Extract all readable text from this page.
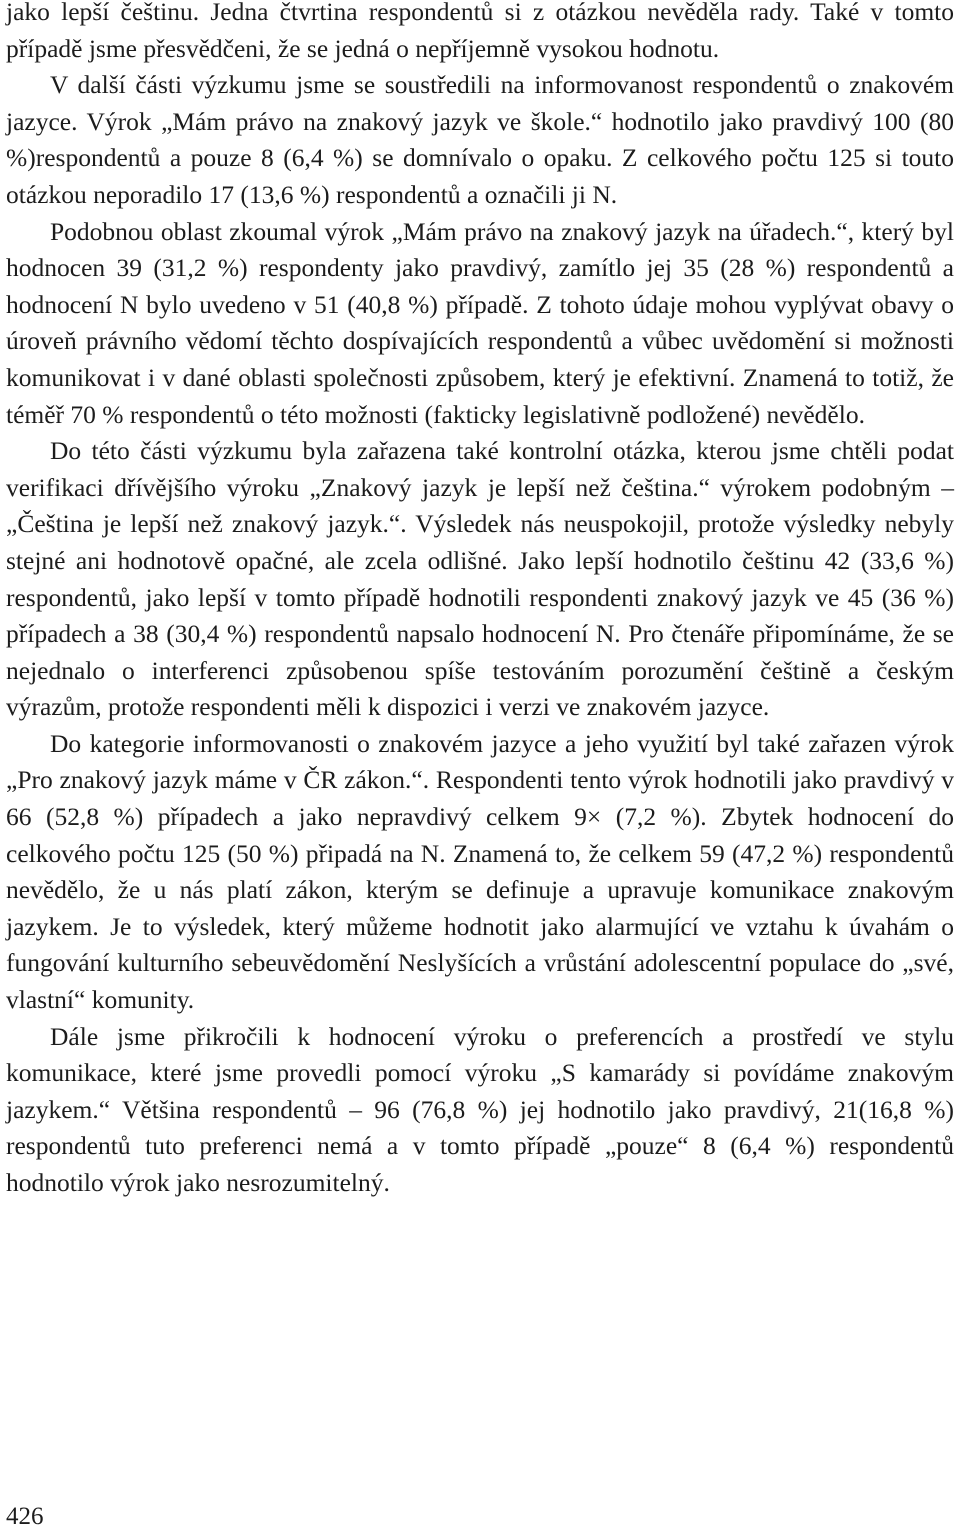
jako lepší češtinu. Jedna čtvrtina respondentů si z otázkou nevěděla rady. Také v tomto případě jsme přesvědčeni, že se jedná o nepříjemně vysokou hodnotu.

V další části výzkumu jsme se soustředili na informovanost respondentů o znakovém jazyce. Výrok „Mám právo na znakový jazyk ve škole.“ hodnotilo jako pravdivý 100 (80 %)respondentů a pouze 8 (6,4 %) se domnívalo o opaku. Z celkového počtu 125 si touto otázkou neporadilo 17 (13,6 %) respondentů a označili ji N.

Podobnou oblast zkoumal výrok „Mám právo na znakový jazyk na úřadech.“, který byl hodnocen 39 (31,2 %) respondenty jako pravdivý, zamítlo jej 35 (28 %) respondentů a hodnocení N bylo uvedeno v 51 (40,8 %) případě. Z tohoto údaje mohou vyplývat obavy o úroveň právního vědomí těchto dospívajících respondentů a vůbec uvědomění si možnosti komunikovat i v dané oblasti společnosti způsobem, který je efektivní. Znamená to totiž, že téměř 70 % respondentů o této možnosti (fakticky legislativně podložené) nevědělo.

Do této části výzkumu byla zařazena také kontrolní otázka, kterou jsme chtěli podat verifikaci dřívějšího výroku „Znakový jazyk je lepší než čeština.“ výrokem podobným – „Čeština je lepší než znakový jazyk.“. Výsledek nás neuspokojil, protože výsledky nebyly stejné ani hodnotově opačné, ale zcela odlišné. Jako lepší hodnotilo češtinu 42 (33,6 %) respondentů, jako lepší v tomto případě hodnotili respondenti znakový jazyk ve 45 (36 %) případech a 38 (30,4 %) respondentů napsalo hodnocení N. Pro čtenáře připomínáme, že se nejednalo o interferenci způsobenou spíše testováním porozumění češtině a českým výrazům, protože respondenti měli k dispozici i verzi ve znakovém jazyce.

Do kategorie informovanosti o znakovém jazyce a jeho využití byl také zařazen výrok „Pro znakový jazyk máme v ČR zákon.“. Respondenti tento výrok hodnotili jako pravdivý v 66 (52,8 %) případech a jako nepravdivý celkem 9× (7,2 %). Zbytek hodnocení do celkového počtu 125 (50 %) připadá na N. Znamená to, že celkem 59 (47,2 %) respondentů nevědělo, že u nás platí zákon, kterým se definuje a upravuje komunikace znakovým jazykem. Je to výsledek, který můžeme hodnotit jako alarmující ve vztahu k úvahám o fungování kulturního sebeuvědomění Neslyšících a vrůstání adolescentní populace do „své, vlastní“ komunity.

Dále jsme přikročili k hodnocení výroku o preferencích a prostředí ve stylu komunikace, které jsme provedli pomocí výroku „S kamarády si povídáme znakovým jazykem.“ Většina respondentů – 96 (76,8 %) jej hodnotilo jako pravdivý, 21(16,8 %) respondentů tuto preferenci nemá a v tomto případě „pouze“ 8 (6,4 %) respondentů hodnotilo výrok jako nesrozumitelný.

426
